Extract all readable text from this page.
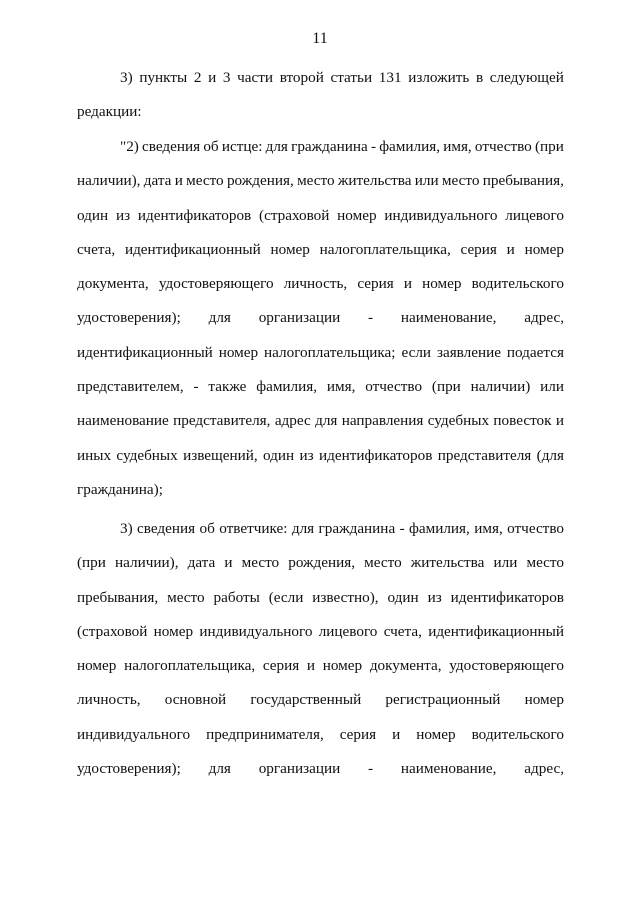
11
3) пункты 2 и 3 части второй статьи 131 изложить в следующей
редакции:
"2) сведения об истце: для гражданина - фамилия, имя, отчество (при
наличии), дата и место рождения, место жительства или место пребывания,
один из идентификаторов (страховой номер индивидуального лицевого
счета, идентификационный номер налогоплательщика, серия и номер
документа, удостоверяющего личность, серия и номер водительского
удостоверения); для организации - наименование, адрес,
идентификационный номер налогоплательщика; если заявление подается
представителем, - также фамилия, имя, отчество (при наличии) или
наименование представителя, адрес для направления судебных повесток и
иных судебных извещений, один из идентификаторов представителя (для
гражданина);
3) сведения об ответчике: для гражданина - фамилия, имя, отчество
(при наличии), дата и место рождения, место жительства или место
пребывания, место работы (если известно), один из идентификаторов
(страховой номер индивидуального лицевого счета, идентификационный
номер налогоплательщика, серия и номер документа, удостоверяющего
личность, основной государственный регистрационный номер
индивидуального предпринимателя, серия и номер водительского
удостоверения); для организации - наименование, адрес,
